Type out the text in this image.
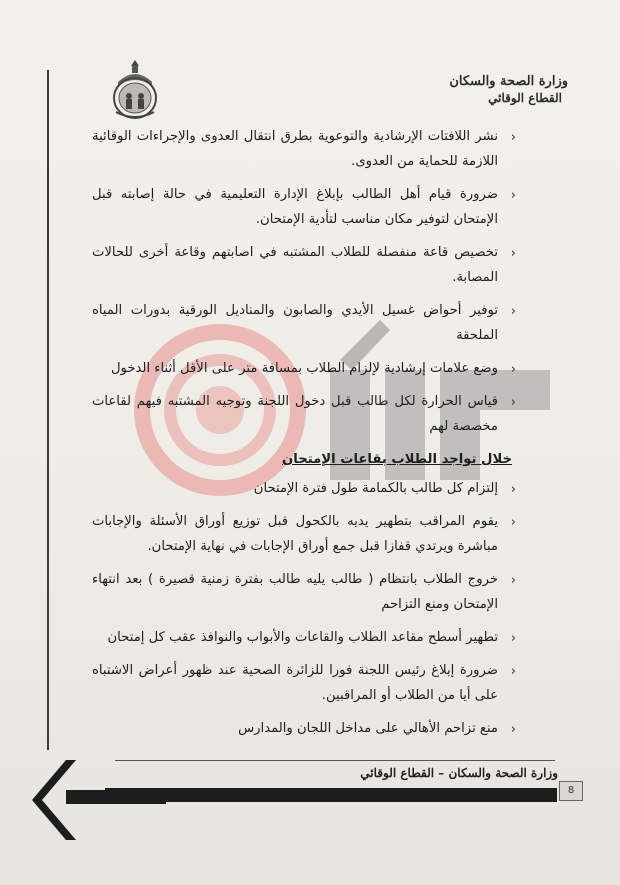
وزارة الصحة والسكان
القطاع الوقائي
‹
نشر اللافتات الإرشادية والتوعوية بطرق انتقال العدوى والإجراءات الوقائية اللازمة للحماية من العدوى.
‹
ضرورة قيام أهل الطالب بإبلاغ الإدارة التعليمية في حالة إصابته قبل الإمتحان لتوفير مكان مناسب لتأدية الإمتحان.
‹
تخصيص قاعة منفصلة للطلاب المشتبه في اصابتهم وقاعة أخرى للحالات المصابة.
‹
توفير أحواض غسيل الأيدي والصابون والمناديل الورقية بدورات المياه الملحقة
‹
وضع علامات إرشادية لإلزام الطلاب بمسافة متر على الأقل أثناء الدخول
‹
قياس الحرارة لكل طالب قبل دخول اللجنة وتوجيه المشتبه فيهم لقاعات مخصصة لهم
خلال تواجد الطلاب بقاعات الإمتحان
‹
إلتزام كل طالب بالكمامة طول فترة الإمتحان
‹
يقوم المراقب بتطهير يديه بالكحول قبل توزيع أوراق الأسئلة والإجابات مباشرة ويرتدي قفازا قبل جمع أوراق الإجابات في نهاية الإمتحان.
‹
خروج الطلاب بانتظام ( طالب يليه طالب بفترة زمنية قصيرة ) بعد انتهاء الإمتحان ومنع التزاحم
‹
تطهير أسطح مقاعد الطلاب والقاعات والأبواب والنوافذ عقب كل إمتحان
‹
ضرورة إبلاغ رئيس اللجنة فورا للزائرة الصحية عند ظهور أعراض الاشتباه على أيا من الطلاب أو المراقبين.
‹
منع تزاحم الأهالي على مداخل اللجان والمدارس
وزارة الصحة والسكان – القطاع الوقائي
8
